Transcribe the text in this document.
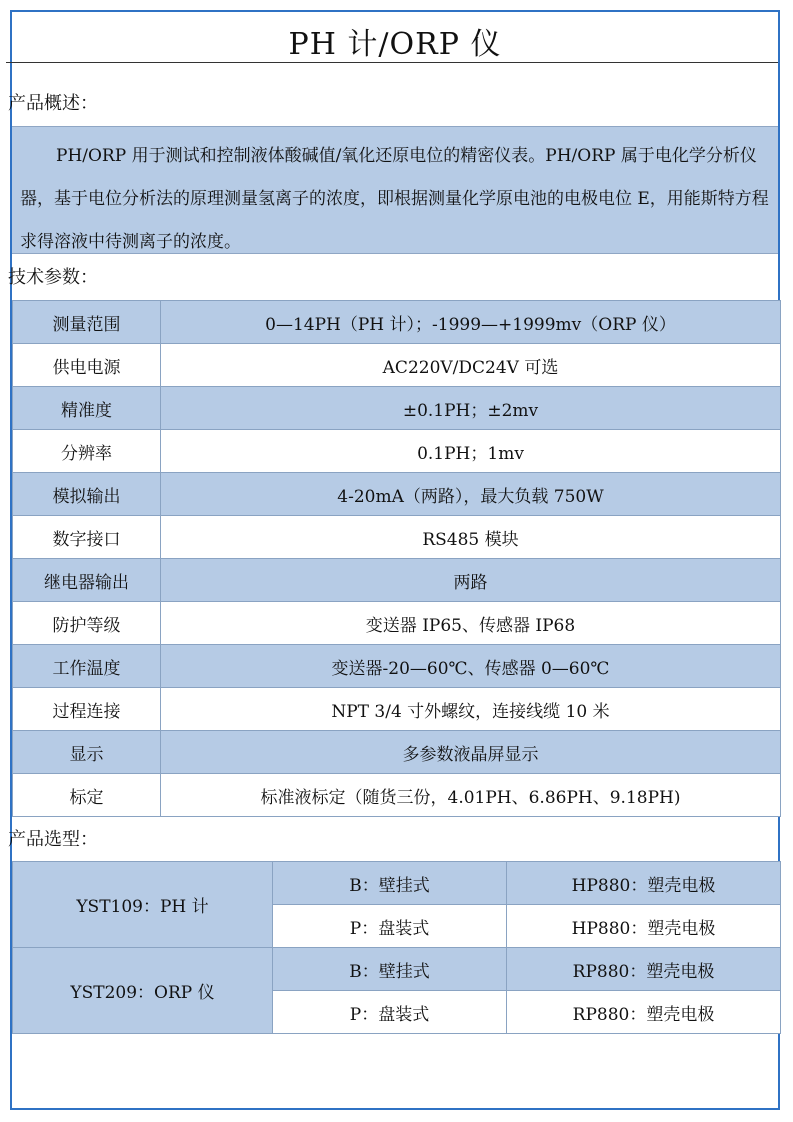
PH 计/ORP 仪
产品概述：

PH/ORP 用于测试和控制液体酸碱值/氧化还原电位的精密仪表。PH/ORP 属于电化学分析仪器，基于电位分析法的原理测量氢离子的浓度，即根据测量化学原电池的电极电位 E，用能斯特方程求得溶液中待测离子的浓度。

技术参数：
测量范围	0—14PH（PH 计）；-1999—+1999mv（ORP 仪）
供电电源	AC220V/DC24V 可选
精准度	±0.1PH；±2mv
分辨率	0.1PH；1mv
模拟输出	4-20mA（两路），最大负载 750W
数字接口	RS485 模块
继电器输出	两路
防护等级	变送器 IP65、传感器 IP68
工作温度	变送器-20—60℃、传感器 0—60℃
过程连接	NPT 3/4 寸外螺纹，连接线缆 10 米
显示	多参数液晶屏显示
标定	标准液标定（随货三份，4.01PH、6.86PH、9.18PH)
产品选型：
YST109：PH 计	B：壁挂式	HP880：塑壳电极
	P：盘装式	HP880：塑壳电极
YST209：ORP 仪	B：壁挂式	RP880：塑壳电极
	P：盘装式	RP880：塑壳电极
